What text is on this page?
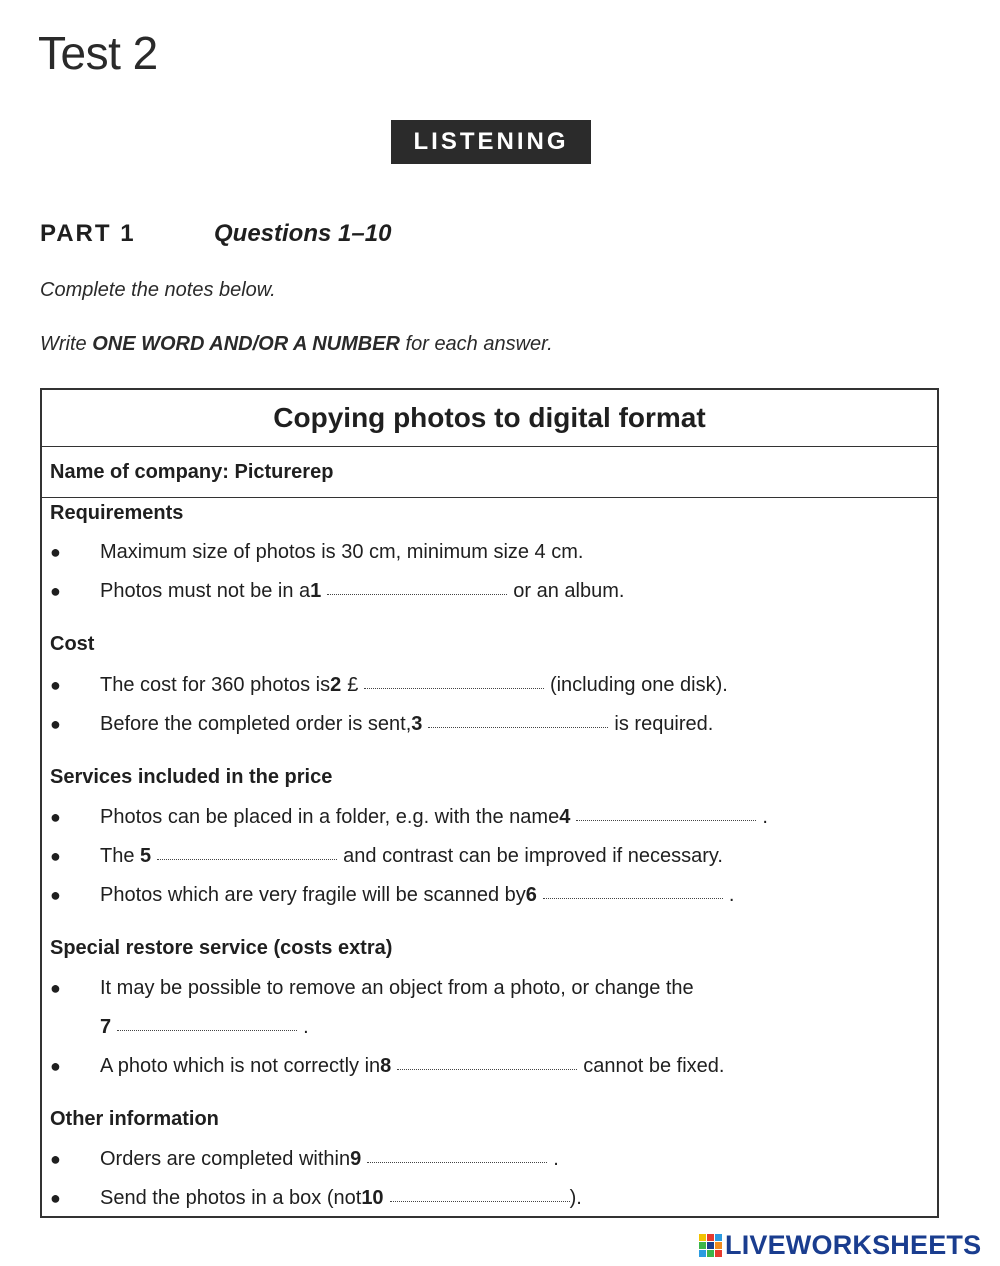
Test 2
LISTENING
PART 1	Questions 1–10
Complete the notes below.
Write ONE WORD AND/OR A NUMBER for each answer.
Copying photos to digital format
Name of company: Picturerep
Requirements
●	Maximum size of photos is 30 cm, minimum size 4 cm.
●	Photos must not be in a 1	or an album.
Cost
●	The cost for 360 photos is 2 £	(including one disk).
●	Before the completed order is sent, 3	is required.
Services included in the price
●	Photos can be placed in a folder, e.g. with the name 4	.
●	The 5	and contrast can be improved if necessary.
●	Photos which are very fragile will be scanned by 6	.
Special restore service (costs extra)
●	It may be possible to remove an object from a photo, or change the
7	.
●	A photo which is not correctly in 8	cannot be fixed.
Other information
●	Orders are completed within 9	.
●	Send the photos in a box (not 10	).
LIVEWORKSHEETS
